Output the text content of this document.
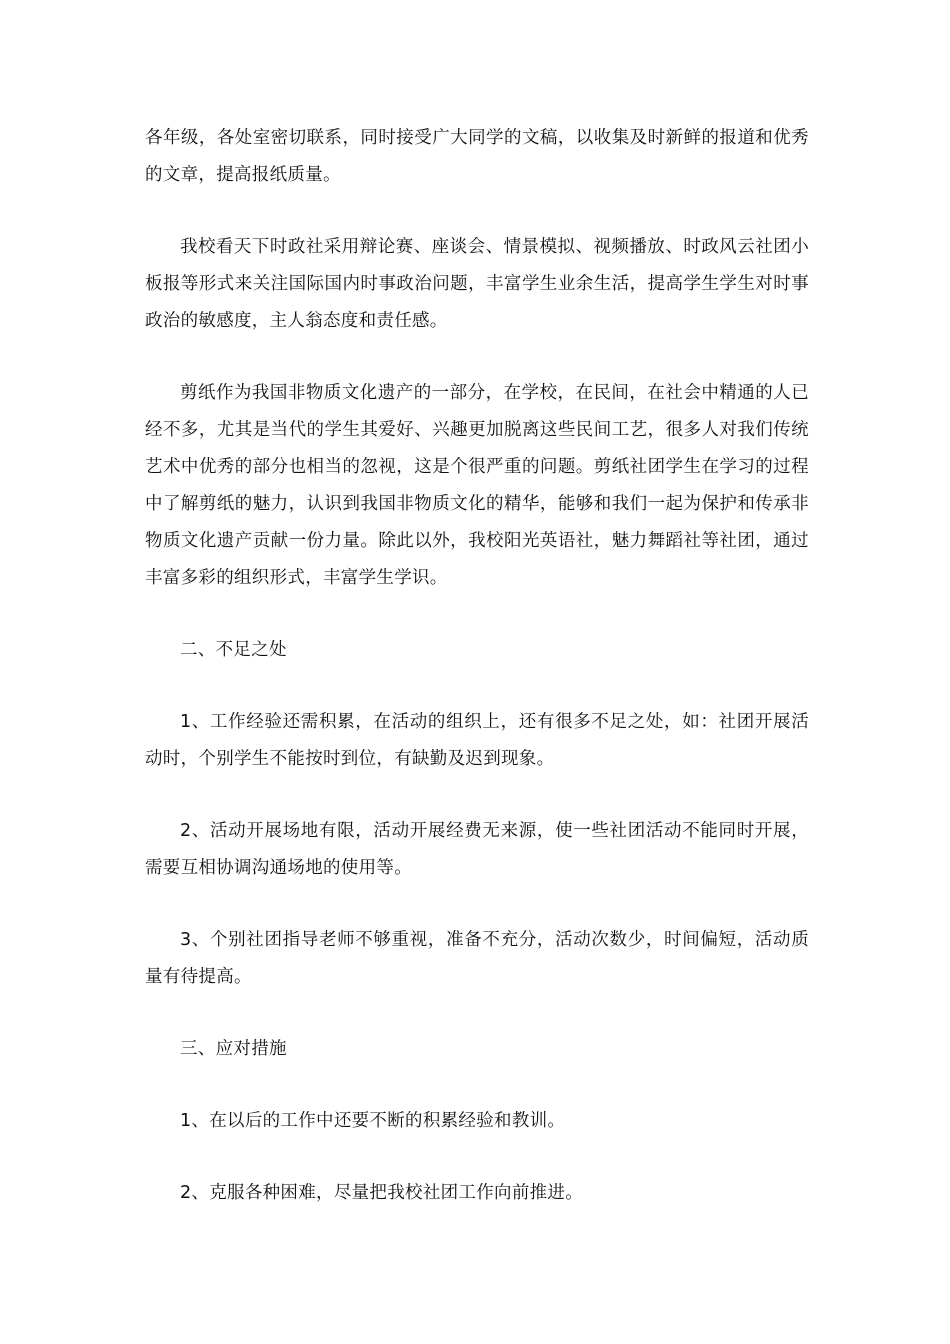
各年级，各处室密切联系，同时接受广大同学的文稿，以收集及时新鲜的报道和优秀的文章，提高报纸质量。

我校看天下时政社采用辩论赛、座谈会、情景模拟、视频播放、时政风云社团小板报等形式来关注国际国内时事政治问题，丰富学生业余生活，提高学生学生对时事政治的敏感度，主人翁态度和责任感。

剪纸作为我国非物质文化遗产的一部分，在学校，在民间，在社会中精通的人已经不多，尤其是当代的学生其爱好、兴趣更加脱离这些民间工艺，很多人对我们传统艺术中优秀的部分也相当的忽视，这是个很严重的问题。剪纸社团学生在学习的过程中了解剪纸的魅力，认识到我国非物质文化的精华，能够和我们一起为保护和传承非物质文化遗产贡献一份力量。除此以外，我校阳光英语社，魅力舞蹈社等社团，通过丰富多彩的组织形式，丰富学生学识。

二、不足之处

1、工作经验还需积累，在活动的组织上，还有很多不足之处，如：社团开展活动时，个别学生不能按时到位，有缺勤及迟到现象。

2、活动开展场地有限，活动开展经费无来源，使一些社团活动不能同时开展，需要互相协调沟通场地的使用等。

3、个别社团指导老师不够重视，准备不充分，活动次数少，时间偏短，活动质量有待提高。

三、应对措施

1、在以后的工作中还要不断的积累经验和教训。

2、克服各种困难，尽量把我校社团工作向前推进。
